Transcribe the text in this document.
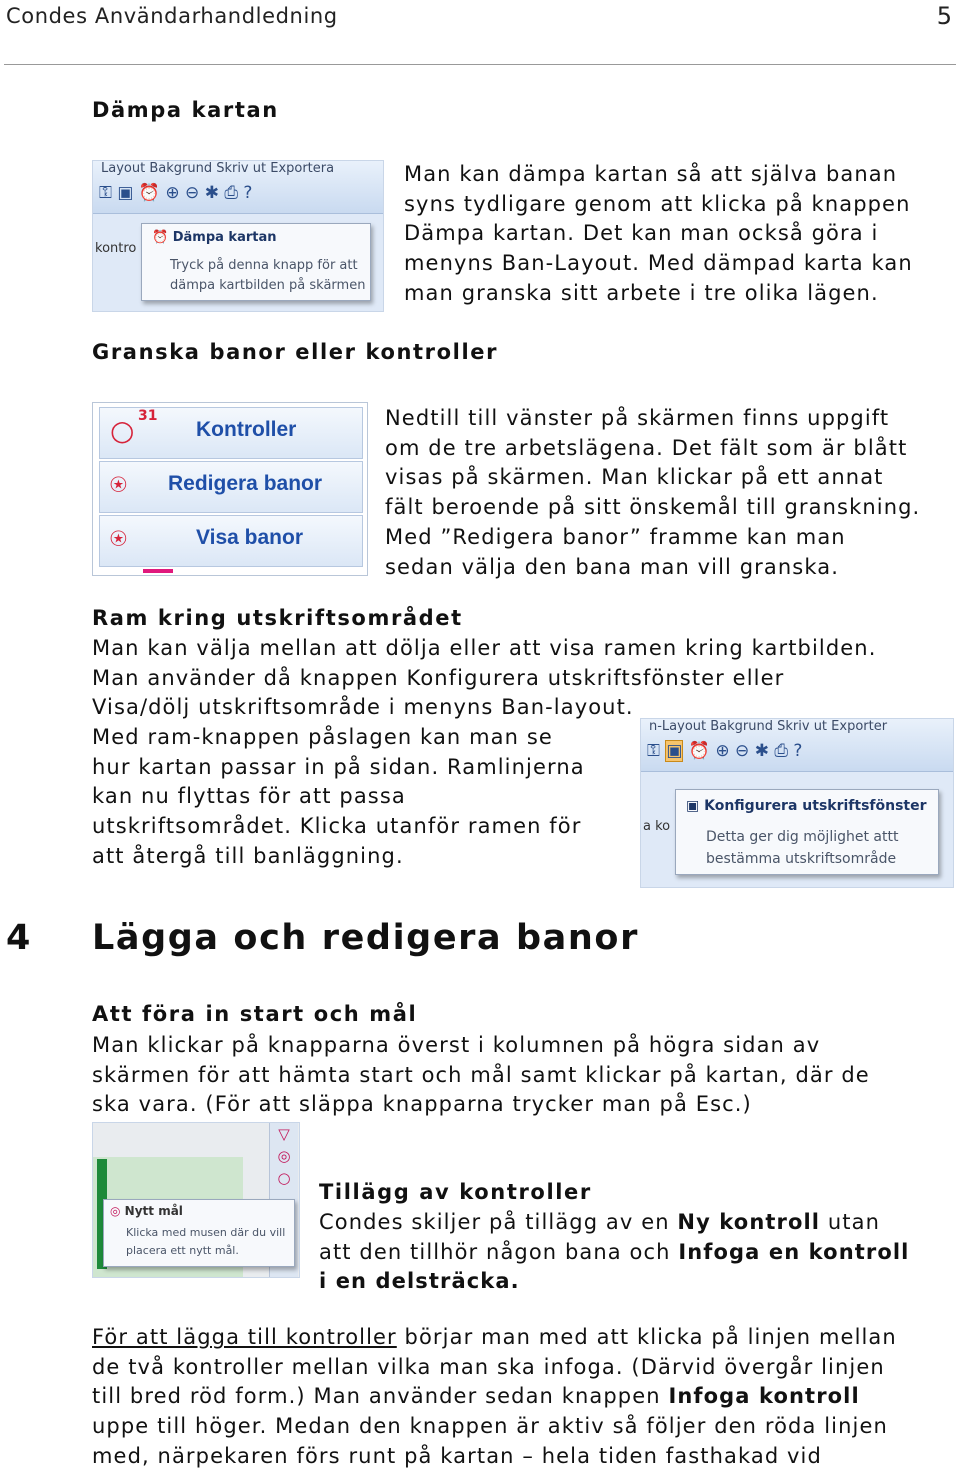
Condes Användarhandledning	5
Dämpa kartan
Layout Bakgrund Skriv ut Exportera
⚿ ▣ ⏰ ⊕ ⊖ ✱ ⎙ ?
kontro
⏰ Dämpa kartan
Tryck på denna knapp för att
dämpa kartbilden på skärmen
Man kan dämpa kartan så att själva banan
syns tydligare genom att klicka på knappen
Dämpa kartan. Det kan man också göra i
menyns Ban-Layout. Med dämpad karta kan
man granska sitt arbete i tre olika lägen.
Granska banor eller kontroller
○ 31
Kontroller
⍟ Redigera banor
⍟	Visa banor
Nedtill till vänster på skärmen finns uppgift
om de tre arbetslägena. Det fält som är blått
visas på skärmen. Man klickar på ett annat
fält beroende på sitt önskemål till granskning.
Med ”Redigera banor” framme kan man
sedan välja den bana man vill granska.
Ram kring utskriftsområdet
Man kan välja mellan att dölja eller att visa ramen kring kartbilden.
Man använder då knappen Konfigurera utskriftsfönster eller
Visa/dölj utskriftsområde i menyns Ban-layout.
Med ram-knappen påslagen kan man se
hur kartan passar in på sidan. Ramlinjerna
kan nu flyttas för att passa
utskriftsområdet. Klicka utanför ramen för
att återgå till banläggning.
n-Layout Bakgrund Skriv ut Exporter
⚿ ▣ ⏰ ⊕ ⊖ ✱ ⎙ ?
a ko
▣ Konfigurera utskriftsfönster
Detta ger dig möjlighet attt
bestämma utskriftsområde
4 Lägga och redigera banor
Att föra in start och mål
Man klickar på knapparna överst i kolumnen på högra sidan av
skärmen för att hämta start och mål samt klickar på kartan, där de
ska vara. (För att släppa knapparna trycker man på Esc.)
▽
◎
○
◎ Nytt mål
Klicka med musen där du vill
placera ett nytt mål.
Tillägg av kontroller
Condes skiljer på tillägg av en Ny kontroll utan
att den tillhör någon bana och Infoga en kontroll
i en delsträcka.
För att lägga till kontroller börjar man med att klicka på linjen mellan
de två kontroller mellan vilka man ska infoga. (Därvid övergår linjen
till bred röd form.) Man använder sedan knappen Infoga kontroll
uppe till höger. Medan den knappen är aktiv så följer den röda linjen
med, närpekaren förs runt på kartan – hela tiden fasthakad vid
